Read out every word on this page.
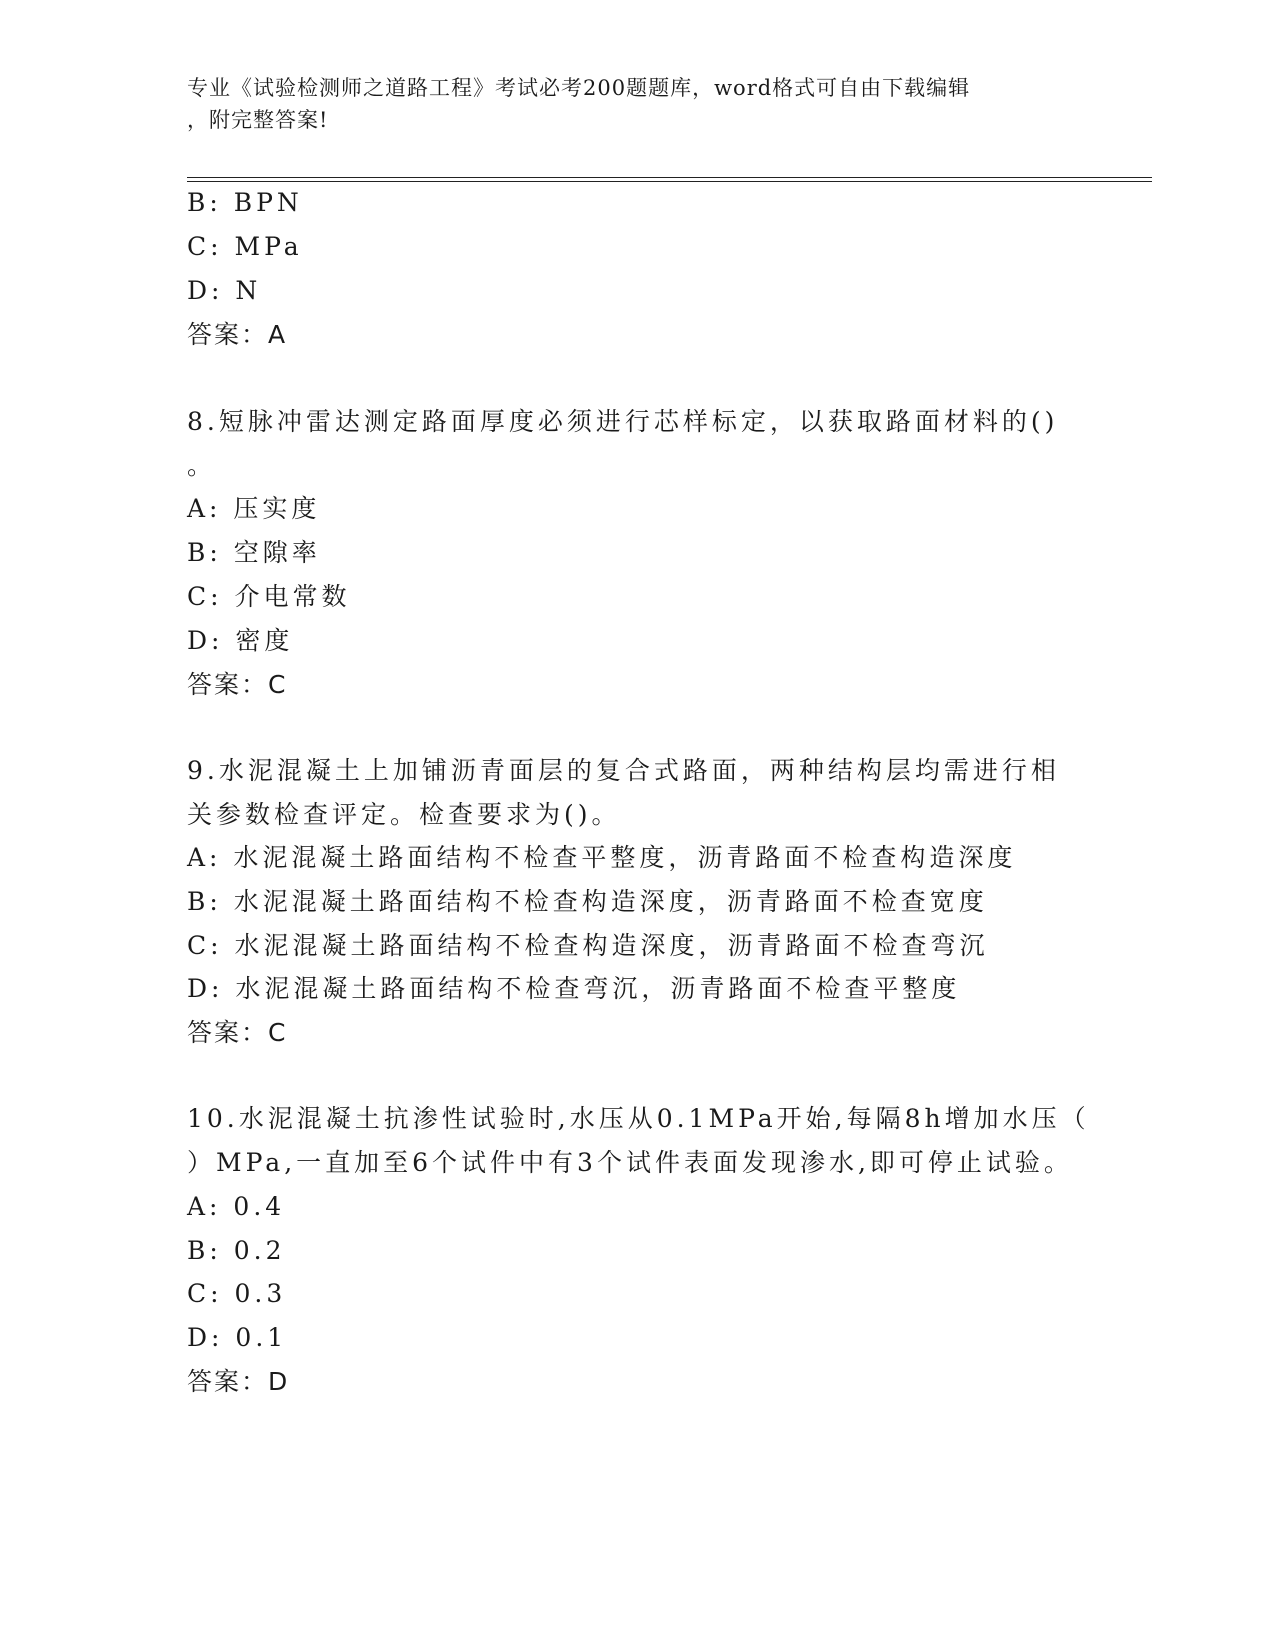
专业《试验检测师之道路工程》考试必考200题题库，word格式可自由下载编辑
，附完整答案!
B: BPN
C: MPa
D: N
答案：A
8.短脉冲雷达测定路面厚度必须进行芯样标定，以获取路面材料的()
。
A: 压实度
B: 空隙率
C: 介电常数
D: 密度
答案：C
9.水泥混凝土上加铺沥青面层的复合式路面，两种结构层均需进行相
关参数检查评定。检查要求为()。
A: 水泥混凝土路面结构不检查平整度，沥青路面不检查构造深度
B: 水泥混凝土路面结构不检查构造深度，沥青路面不检查宽度
C: 水泥混凝土路面结构不检查构造深度，沥青路面不检查弯沉
D: 水泥混凝土路面结构不检查弯沉，沥青路面不检查平整度
答案：C
10.水泥混凝土抗渗性试验时,水压从0.1MPa开始,每隔8h增加水压（
）MPa,一直加至6个试件中有3个试件表面发现渗水,即可停止试验。
A: 0.4
B: 0.2
C: 0.3
D: 0.1
答案：D
